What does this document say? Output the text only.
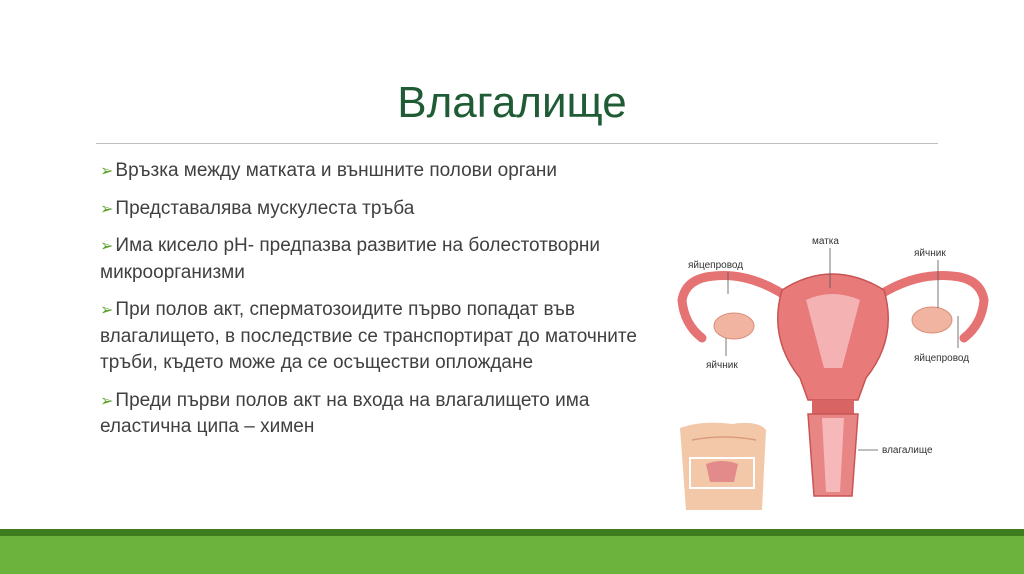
Влагалище
➢ Връзка между матката и външните полови органи
➢ Представалява мускулеста тръба
➢ Има кисело рН- предпазва развитие на болестотворни микроорганизми
➢ При полов акт, сперматозоидите първо попадат във влагалището, в последствие се транспортират до маточните тръби, където може да се осъществи оплождане
➢ Преди първи полов акт на входа на влагалището има еластична ципа – химен
матка
яйцепровод
яйчник
яйчник
яйцепровод
влагалище
